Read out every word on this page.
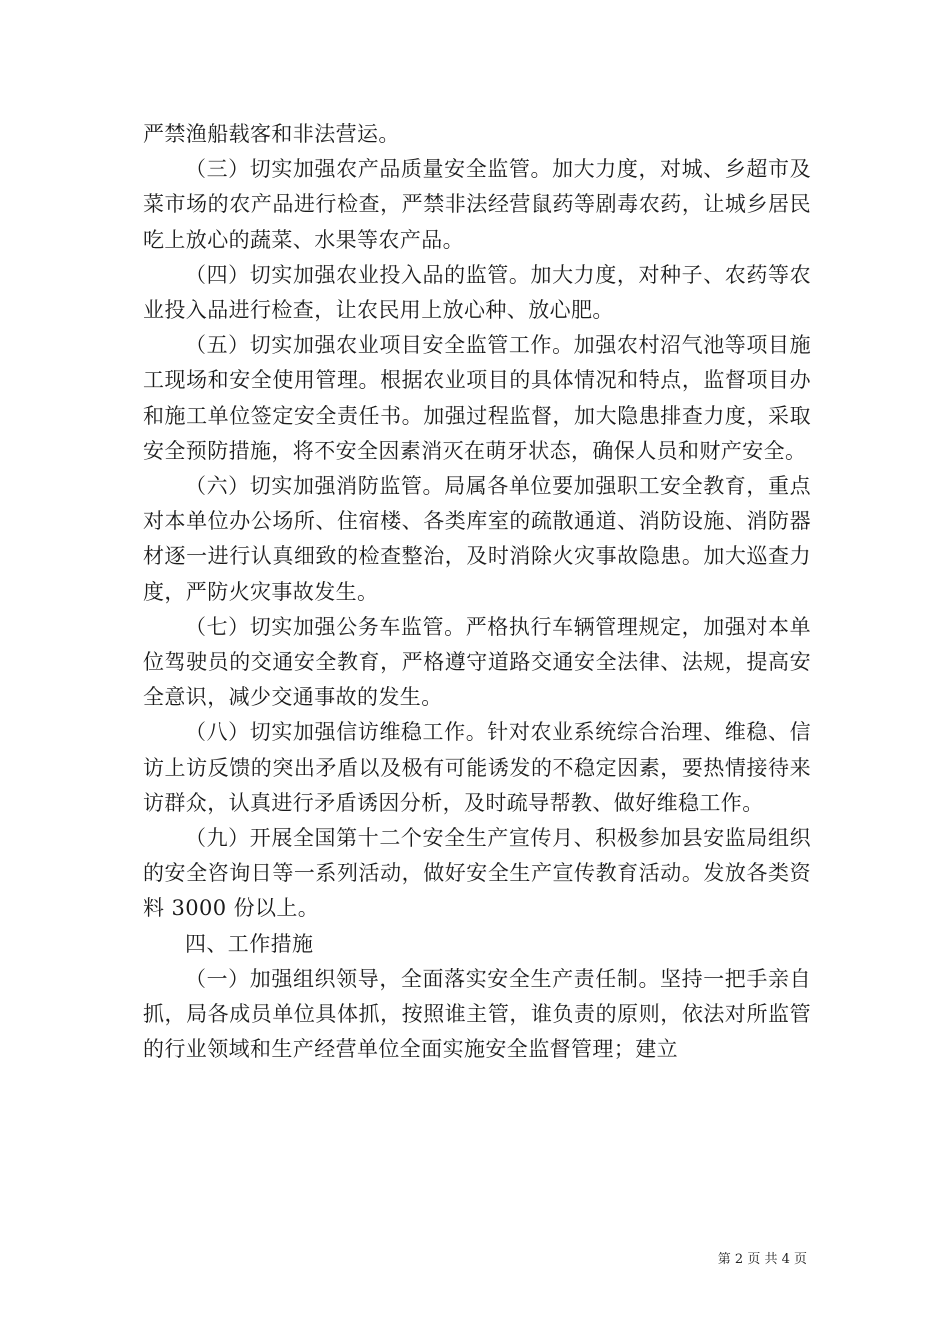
严禁渔船载客和非法营运。

（三）切实加强农产品质量安全监管。加大力度，对城、乡超市及菜市场的农产品进行检查，严禁非法经营鼠药等剧毒农药，让城乡居民吃上放心的蔬菜、水果等农产品。

（四）切实加强农业投入品的监管。加大力度，对种子、农药等农业投入品进行检查，让农民用上放心种、放心肥。

（五）切实加强农业项目安全监管工作。加强农村沼气池等项目施工现场和安全使用管理。根据农业项目的具体情况和特点，监督项目办和施工单位签定安全责任书。加强过程监督，加大隐患排查力度，采取安全预防措施，将不安全因素消灭在萌牙状态，确保人员和财产安全。

（六）切实加强消防监管。局属各单位要加强职工安全教育，重点对本单位办公场所、住宿楼、各类库室的疏散通道、消防设施、消防器材逐一进行认真细致的检查整治，及时消除火灾事故隐患。加大巡查力度，严防火灾事故发生。

（七）切实加强公务车监管。严格执行车辆管理规定，加强对本单位驾驶员的交通安全教育，严格遵守道路交通安全法律、法规，提高安全意识，减少交通事故的发生。

（八）切实加强信访维稳工作。针对农业系统综合治理、维稳、信访上访反馈的突出矛盾以及极有可能诱发的不稳定因素，要热情接待来访群众，认真进行矛盾诱因分析，及时疏导帮教、做好维稳工作。

（九）开展全国第十二个安全生产宣传月、积极参加县安监局组织的安全咨询日等一系列活动，做好安全生产宣传教育活动。发放各类资料 3000 份以上。

四、工作措施

（一）加强组织领导，全面落实安全生产责任制。坚持一把手亲自抓，局各成员单位具体抓，按照谁主管，谁负责的原则，依法对所监管的行业领域和生产经营单位全面实施安全监督管理；建立

第 2 页 共 4 页
